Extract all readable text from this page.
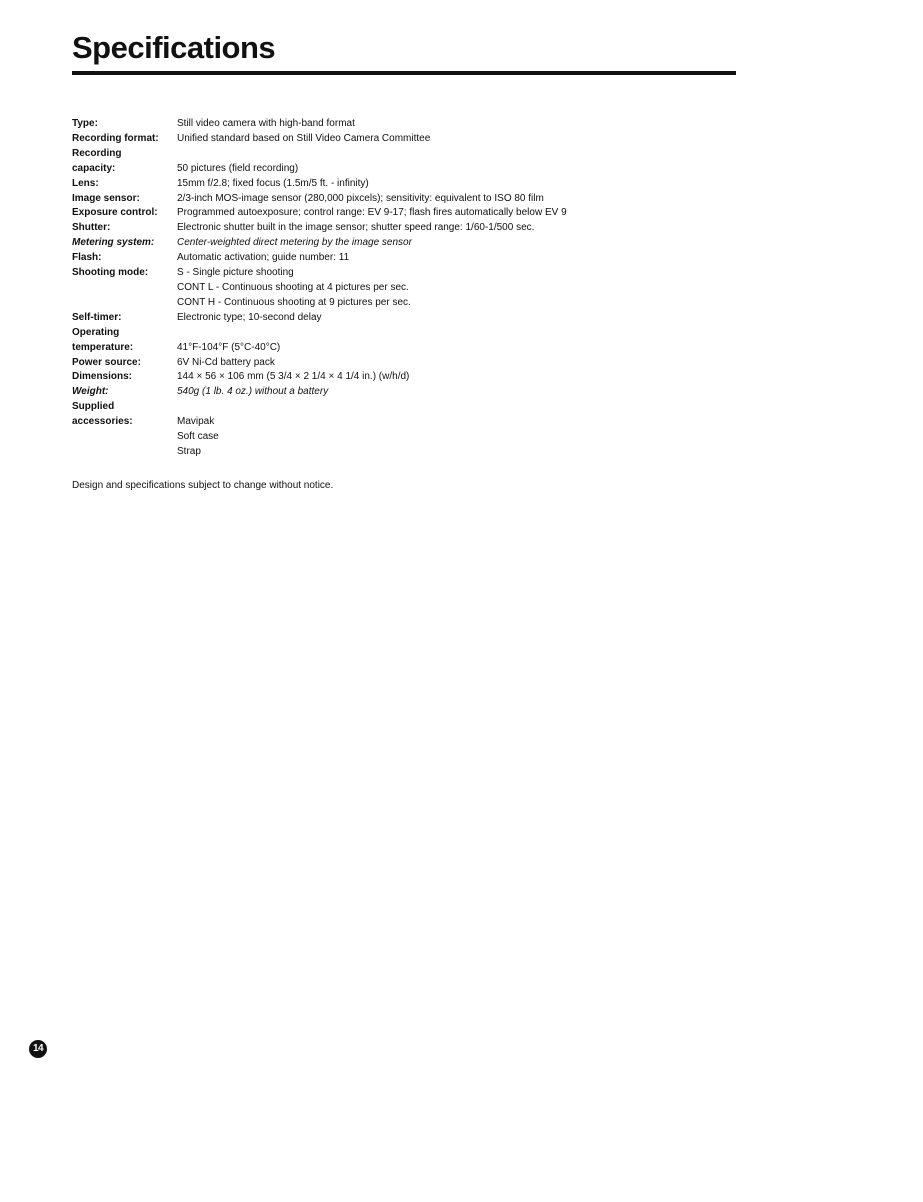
Specifications
Type:	Still video camera with high-band format
Recording format:	Unified standard based on Still Video Camera Committee
Recording
capacity:
	50 pictures (field recording)
Lens:	15mm f/2.8; fixed focus (1.5m/5 ft. - infinity)
Image sensor:	2/3-inch MOS-image sensor (280,000 pixcels); sensitivity: equivalent to ISO 80 film
Exposure control:	Programmed autoexposure; control range: EV 9-17; flash fires automatically below EV 9
Shutter:	Electronic shutter built in the image sensor; shutter speed range: 1/60-1/500 sec.
Metering system:	Center-weighted direct metering by the image sensor
Flash:	Automatic activation; guide number: 11
Shooting mode:	S - Single picture shooting
CONT L - Continuous shooting at 4 pictures per sec.
CONT H - Continuous shooting at 9 pictures per sec.
Self-timer:	Electronic type; 10-second delay
Operating
temperature:
	41°F-104°F (5°C-40°C)
Power source:	6V Ni-Cd battery pack
Dimensions:	144 × 56 × 106 mm (5 3/4 × 2 1/4 × 4 1/4 in.) (w/h/d)
Weight:	540g (1 lb. 4 oz.) without a battery
Supplied
accessories:
	Mavipak
Soft case
Strap
Design and specifications subject to change without notice.
14
